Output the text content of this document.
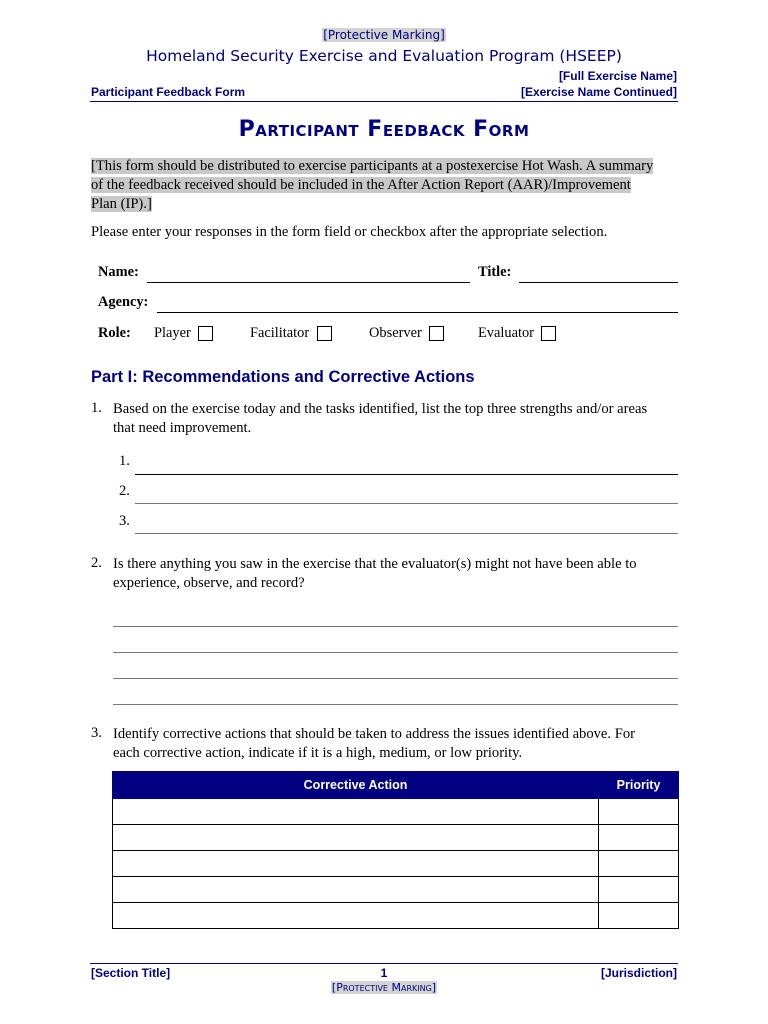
[Protective Marking]
Homeland Security Exercise and Evaluation Program (HSEEP)
[Full Exercise Name]
Participant Feedback Form	[Exercise Name Continued]
Participant Feedback Form
[This form should be distributed to exercise participants at a postexercise Hot Wash. A summary
of the feedback received should be included in the After Action Report (AAR)/Improvement
Plan (IP).]
Please enter your responses in the form field or checkbox after the appropriate selection.
Name:	Title:
Agency:
Role: Player	Facilitator	Observer	Evaluator
Part I: Recommendations and Corrective Actions
1. Based on the exercise today and the tasks identified, list the top three strengths and/or areas
that need improvement.
1.
2.
3.
2. Is there anything you saw in the exercise that the evaluator(s) might not have been able to
experience, observe, and record?
3. Identify corrective actions that should be taken to address the issues identified above. For
each corrective action, indicate if it is a high, medium, or low priority.
Corrective Action	Priority

[Section Title]	1	[Jurisdiction]
[Protective Marking]
